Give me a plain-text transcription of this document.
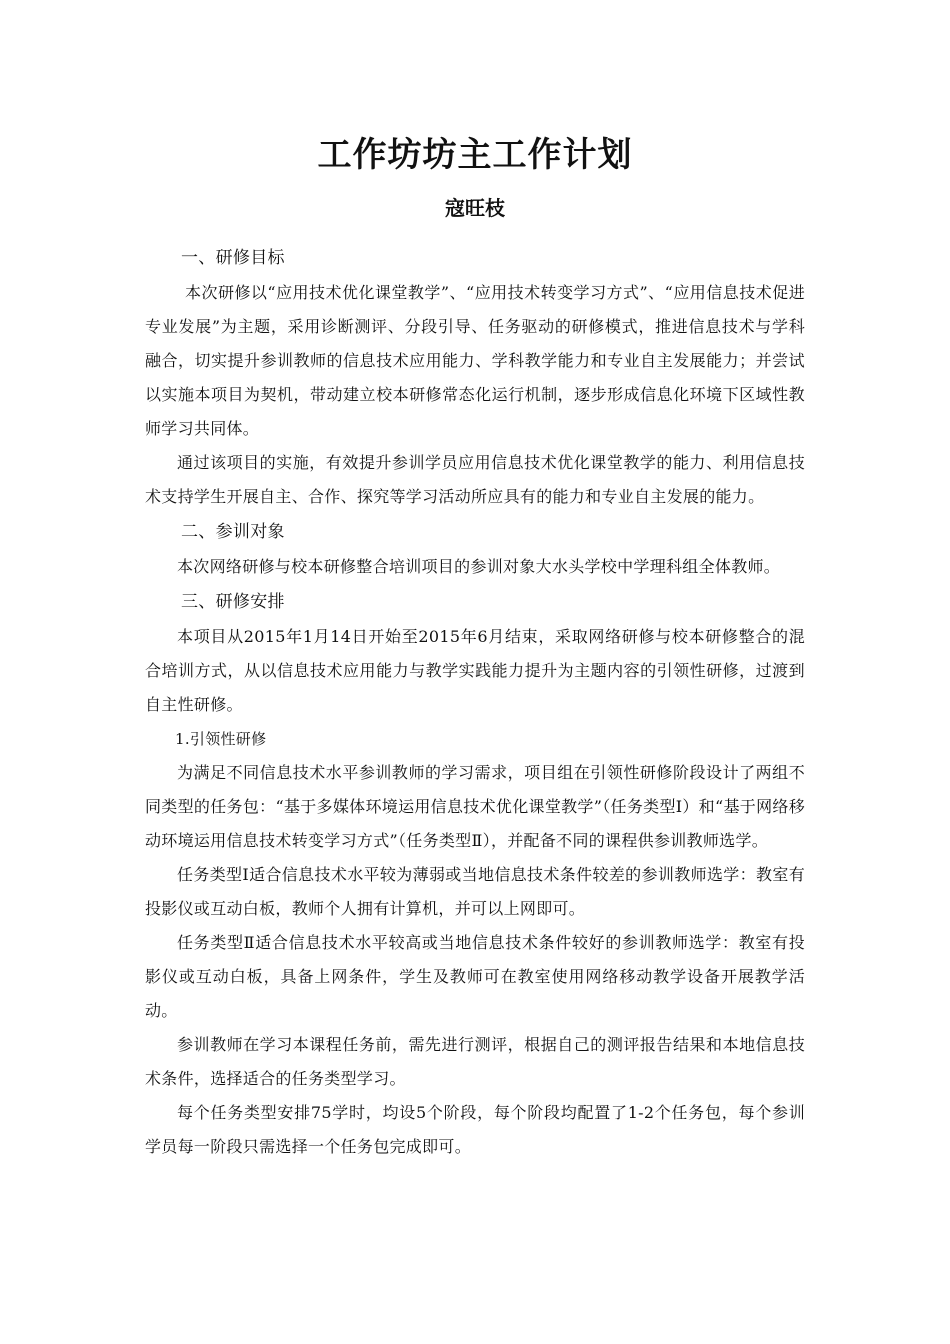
工作坊坊主工作计划
寇旺枝

一、研修目标

本次研修以“应用技术优化课堂教学”、“应用技术转变学习方式”、“应用信息技术促进专业发展”为主题，采用诊断测评、分段引导、任务驱动的研修模式，推进信息技术与学科融合，切实提升参训教师的信息技术应用能力、学科教学能力和专业自主发展能力；并尝试以实施本项目为契机，带动建立校本研修常态化运行机制，逐步形成信息化环境下区域性教师学习共同体。

通过该项目的实施，有效提升参训学员应用信息技术优化课堂教学的能力、利用信息技术支持学生开展自主、合作、探究等学习活动所应具有的能力和专业自主发展的能力。

二、参训对象

本次网络研修与校本研修整合培训项目的参训对象大水头学校中学理科组全体教师。

三、研修安排

本项目从2015年1月14日开始至2015年6月结束，采取网络研修与校本研修整合的混合培训方式，从以信息技术应用能力与教学实践能力提升为主题内容的引领性研修，过渡到自主性研修。

1.引领性研修

为满足不同信息技术水平参训教师的学习需求，项目组在引领性研修阶段设计了两组不同类型的任务包：“基于多媒体环境运用信息技术优化课堂教学”（任务类型Ⅰ）和“基于网络移动环境运用信息技术转变学习方式”（任务类型Ⅱ），并配备不同的课程供参训教师选学。

任务类型Ⅰ适合信息技术水平较为薄弱或当地信息技术条件较差的参训教师选学：教室有投影仪或互动白板，教师个人拥有计算机，并可以上网即可。

任务类型Ⅱ适合信息技术水平较高或当地信息技术条件较好的参训教师选学：教室有投影仪或互动白板，具备上网条件，学生及教师可在教室使用网络移动教学设备开展教学活动。

参训教师在学习本课程任务前，需先进行测评，根据自己的测评报告结果和本地信息技术条件，选择适合的任务类型学习。

每个任务类型安排75学时，均设5个阶段，每个阶段均配置了1-2个任务包，每个参训学员每一阶段只需选择一个任务包完成即可。
